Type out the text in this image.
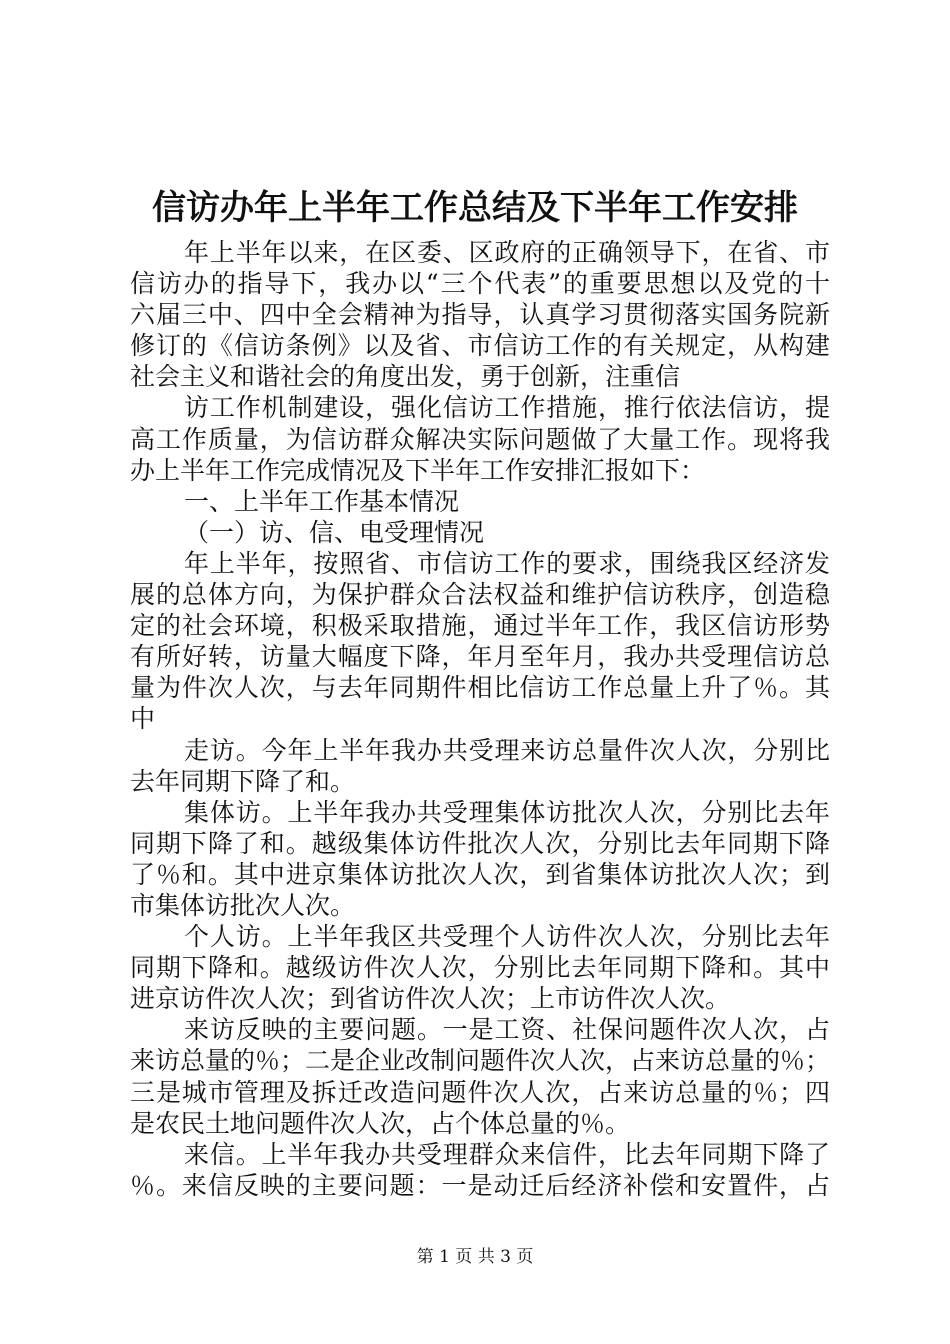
信访办年上半年工作总结及下半年工作安排
年上半年以来，在区委、区政府的正确领导下，在省、市
信访办的指导下，我办以“三个代表”的重要思想以及党的十
六届三中、四中全会精神为指导，认真学习贯彻落实国务院新
修订的《信访条例》以及省、市信访工作的有关规定，从构建
社会主义和谐社会的角度出发，勇于创新，注重信
访工作机制建设，强化信访工作措施，推行依法信访，提
高工作质量，为信访群众解决实际问题做了大量工作。现将我
办上半年工作完成情况及下半年工作安排汇报如下：
一、上半年工作基本情况
（一）访、信、电受理情况
年上半年，按照省、市信访工作的要求，围绕我区经济发
展的总体方向，为保护群众合法权益和维护信访秩序，创造稳
定的社会环境，积极采取措施，通过半年工作，我区信访形势
有所好转，访量大幅度下降，年月至年月，我办共受理信访总
量为件次人次，与去年同期件相比信访工作总量上升了％。其
中
走访。今年上半年我办共受理来访总量件次人次，分别比
去年同期下降了和。
集体访。上半年我办共受理集体访批次人次，分别比去年
同期下降了和。越级集体访件批次人次，分别比去年同期下降
了％和。其中进京集体访批次人次，到省集体访批次人次；到
市集体访批次人次。
个人访。上半年我区共受理个人访件次人次，分别比去年
同期下降和。越级访件次人次，分别比去年同期下降和。其中
进京访件次人次；到省访件次人次；上市访件次人次。
来访反映的主要问题。一是工资、社保问题件次人次，占
来访总量的％；二是企业改制问题件次人次，占来访总量的％；
三是城市管理及拆迁改造问题件次人次，占来访总量的％；四
是农民土地问题件次人次，占个体总量的％。
来信。上半年我办共受理群众来信件，比去年同期下降了
％。来信反映的主要问题：一是动迁后经济补偿和安置件，占
第 1 页 共 3 页
